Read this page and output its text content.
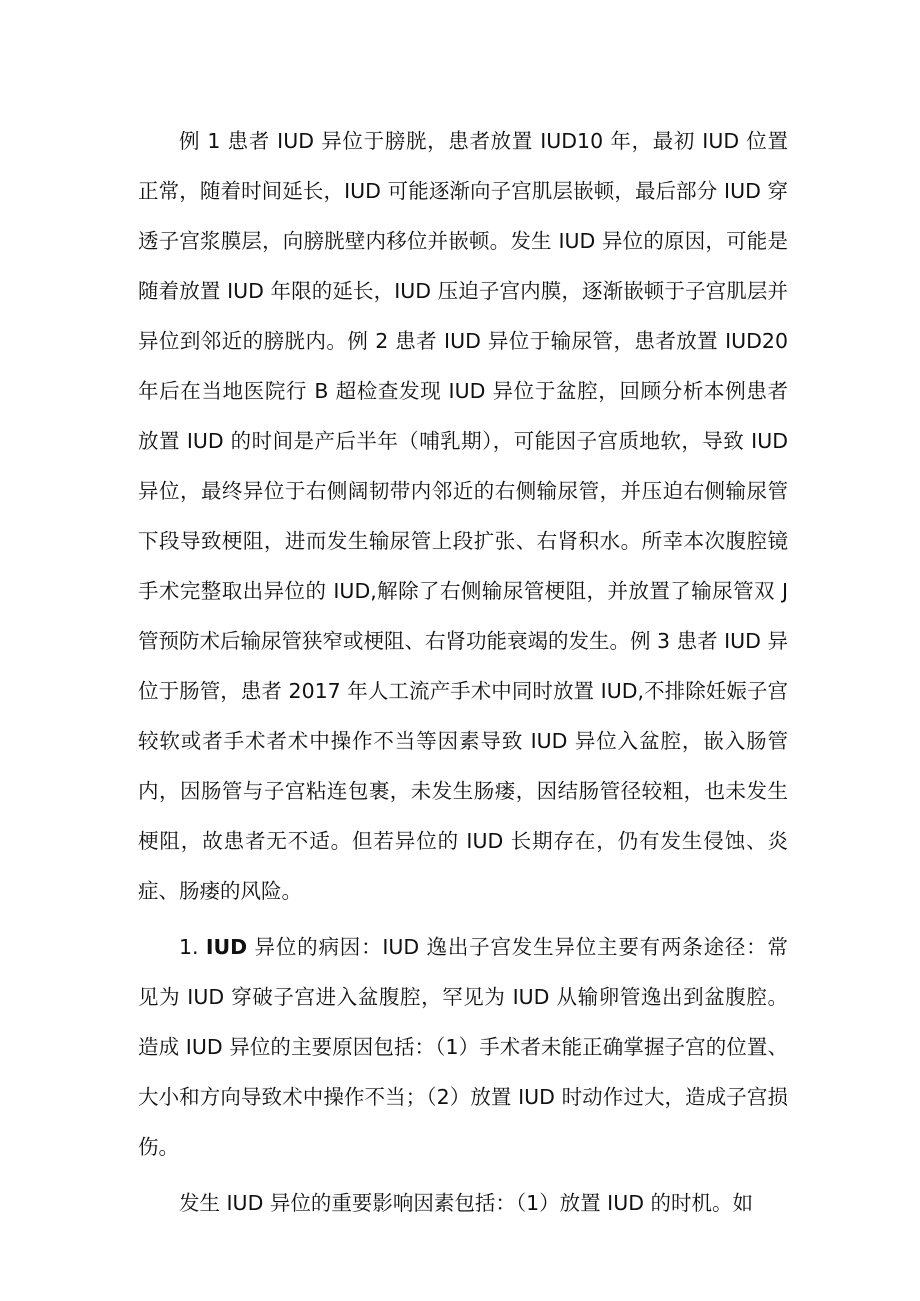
例 1 患者 IUD 异位于膀胱，患者放置 IUD10 年，最初 IUD 位置正常，随着时间延长，IUD 可能逐渐向子宫肌层嵌顿，最后部分 IUD 穿透子宫浆膜层，向膀胱壁内移位并嵌顿。发生 IUD 异位的原因，可能是随着放置 IUD 年限的延长，IUD 压迫子宫内膜，逐渐嵌顿于子宫肌层并异位到邻近的膀胱内。例 2 患者 IUD 异位于输尿管，患者放置 IUD20 年后在当地医院行 B 超检查发现 IUD 异位于盆腔，回顾分析本例患者放置 IUD 的时间是产后半年（哺乳期），可能因子宫质地软，导致 IUD 异位，最终异位于右侧阔韧带内邻近的右侧输尿管，并压迫右侧输尿管下段导致梗阻，进而发生输尿管上段扩张、右肾积水。所幸本次腹腔镜手术完整取出异位的 IUD,解除了右侧输尿管梗阻，并放置了输尿管双 J 管预防术后输尿管狭窄或梗阻、右肾功能衰竭的发生。例 3 患者 IUD 异位于肠管，患者 2017 年人工流产手术中同时放置 IUD,不排除妊娠子宫较软或者手术者术中操作不当等因素导致 IUD 异位入盆腔，嵌入肠管内，因肠管与子宫粘连包裹，未发生肠瘘，因结肠管径较粗，也未发生梗阻，故患者无不适。但若异位的 IUD 长期存在，仍有发生侵蚀、炎症、肠瘘的风险。

1. IUD 异位的病因：IUD 逸出子宫发生异位主要有两条途径：常见为 IUD 穿破子宫进入盆腹腔，罕见为 IUD 从输卵管逸出到盆腹腔。造成 IUD 异位的主要原因包括：（1）手术者未能正确掌握子宫的位置、大小和方向导致术中操作不当；（2）放置 IUD 时动作过大，造成子宫损伤。

发生 IUD 异位的重要影响因素包括：（1）放置 IUD 的时机。如
